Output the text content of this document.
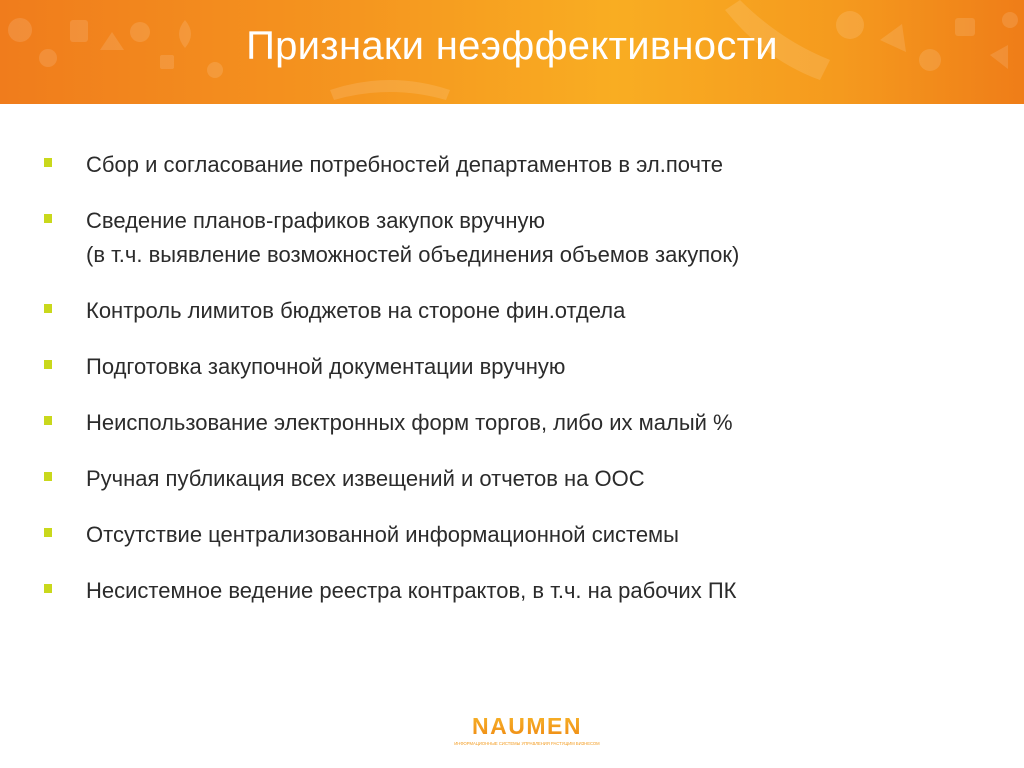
Признаки неэффективности
Сбор и согласование потребностей департаментов в эл.почте
Сведение планов-графиков закупок вручную
(в т.ч. выявление возможностей объединения объемов закупок)
Контроль лимитов бюджетов на стороне фин.отдела
Подготовка закупочной документации вручную
Неиспользование электронных форм торгов, либо их малый %
Ручная публикация всех извещений и отчетов на ООС
Отсутствие централизованной информационной системы
Несистемное ведение реестра контрактов, в т.ч. на рабочих ПК
NAUMEN
ИНФОРМАЦИОННЫЕ СИСТЕМЫ УПРАВЛЕНИЯ РАСТУЩИМ БИЗНЕСОМ
